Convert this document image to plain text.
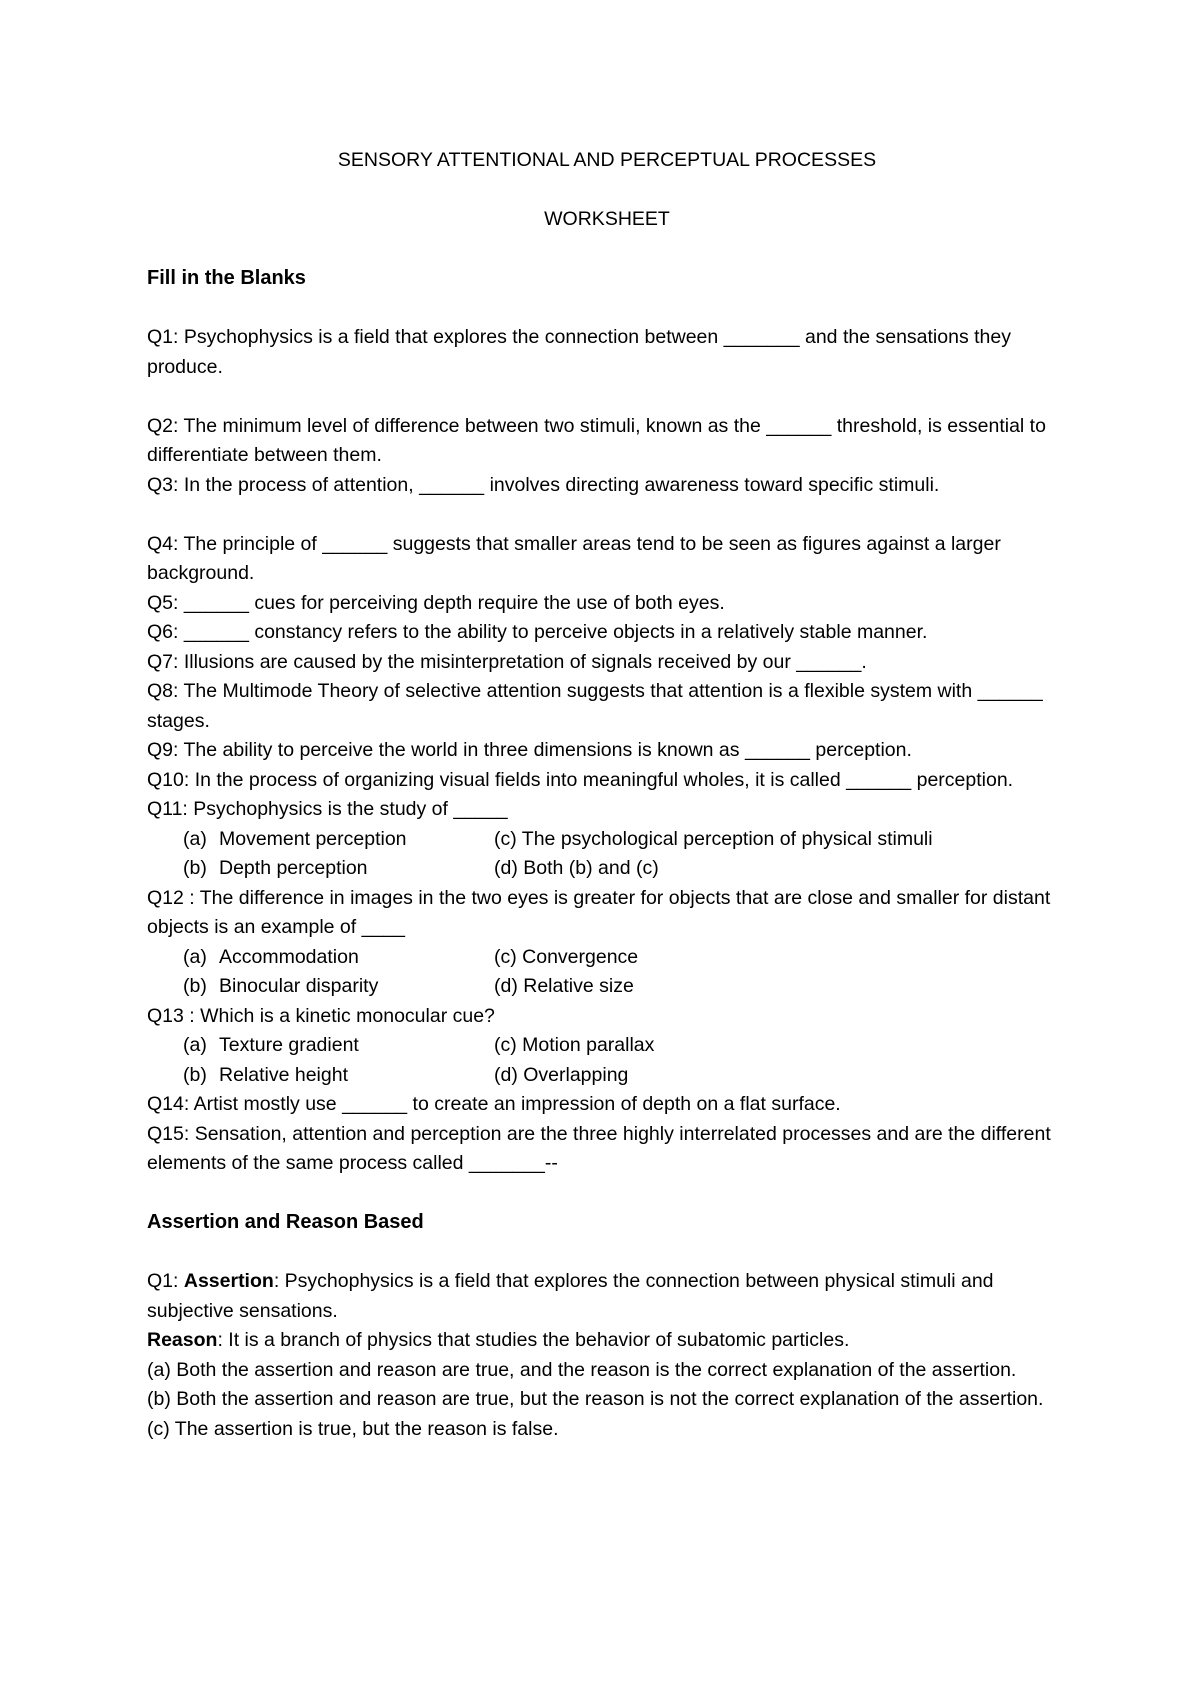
SENSORY ATTENTIONAL AND PERCEPTUAL PROCESSES

WORKSHEET

Fill in the Blanks

Q1: Psychophysics is a field that explores the connection between _______ and the sensations they produce.

Q2: The minimum level of difference between two stimuli, known as the ______ threshold, is essential to differentiate between them.

Q3: In the process of attention, ______ involves directing awareness toward specific stimuli.

Q4: The principle of ______ suggests that smaller areas tend to be seen as figures against a larger background.

Q5: ______ cues for perceiving depth require the use of both eyes.

Q6: ______ constancy refers to the ability to perceive objects in a relatively stable manner.

Q7: Illusions are caused by the misinterpretation of signals received by our ______.

Q8: The Multimode Theory of selective attention suggests that attention is a flexible system with ______ stages.

Q9: The ability to perceive the world in three dimensions is known as ______ perception.

Q10: In the process of organizing visual fields into meaningful wholes, it is called ______ perception.

Q11: Psychophysics is the study of _____

(a) Movement perception	(c) The psychological perception of physical stimuli
(b) Depth perception	(d) Both (b) and (c)

Q12 : The difference in images in the two eyes is greater for objects that are close and smaller for distant objects is an example of ____

(a) Accommodation	(c) Convergence
(b) Binocular disparity	(d) Relative size

Q13 : Which is a kinetic monocular cue?

(a) Texture gradient	(c) Motion parallax
(b) Relative height	(d) Overlapping

Q14: Artist mostly use ______ to create an impression of depth on a flat surface.

Q15: Sensation, attention and perception are the three highly interrelated processes and are the different elements of the same process called _______--

Assertion and Reason Based

Q1: Assertion: Psychophysics is a field that explores the connection between physical stimuli and subjective sensations.

Reason: It is a branch of physics that studies the behavior of subatomic particles.

(a) Both the assertion and reason are true, and the reason is the correct explanation of the assertion.

(b) Both the assertion and reason are true, but the reason is not the correct explanation of the assertion.

(c) The assertion is true, but the reason is false.
